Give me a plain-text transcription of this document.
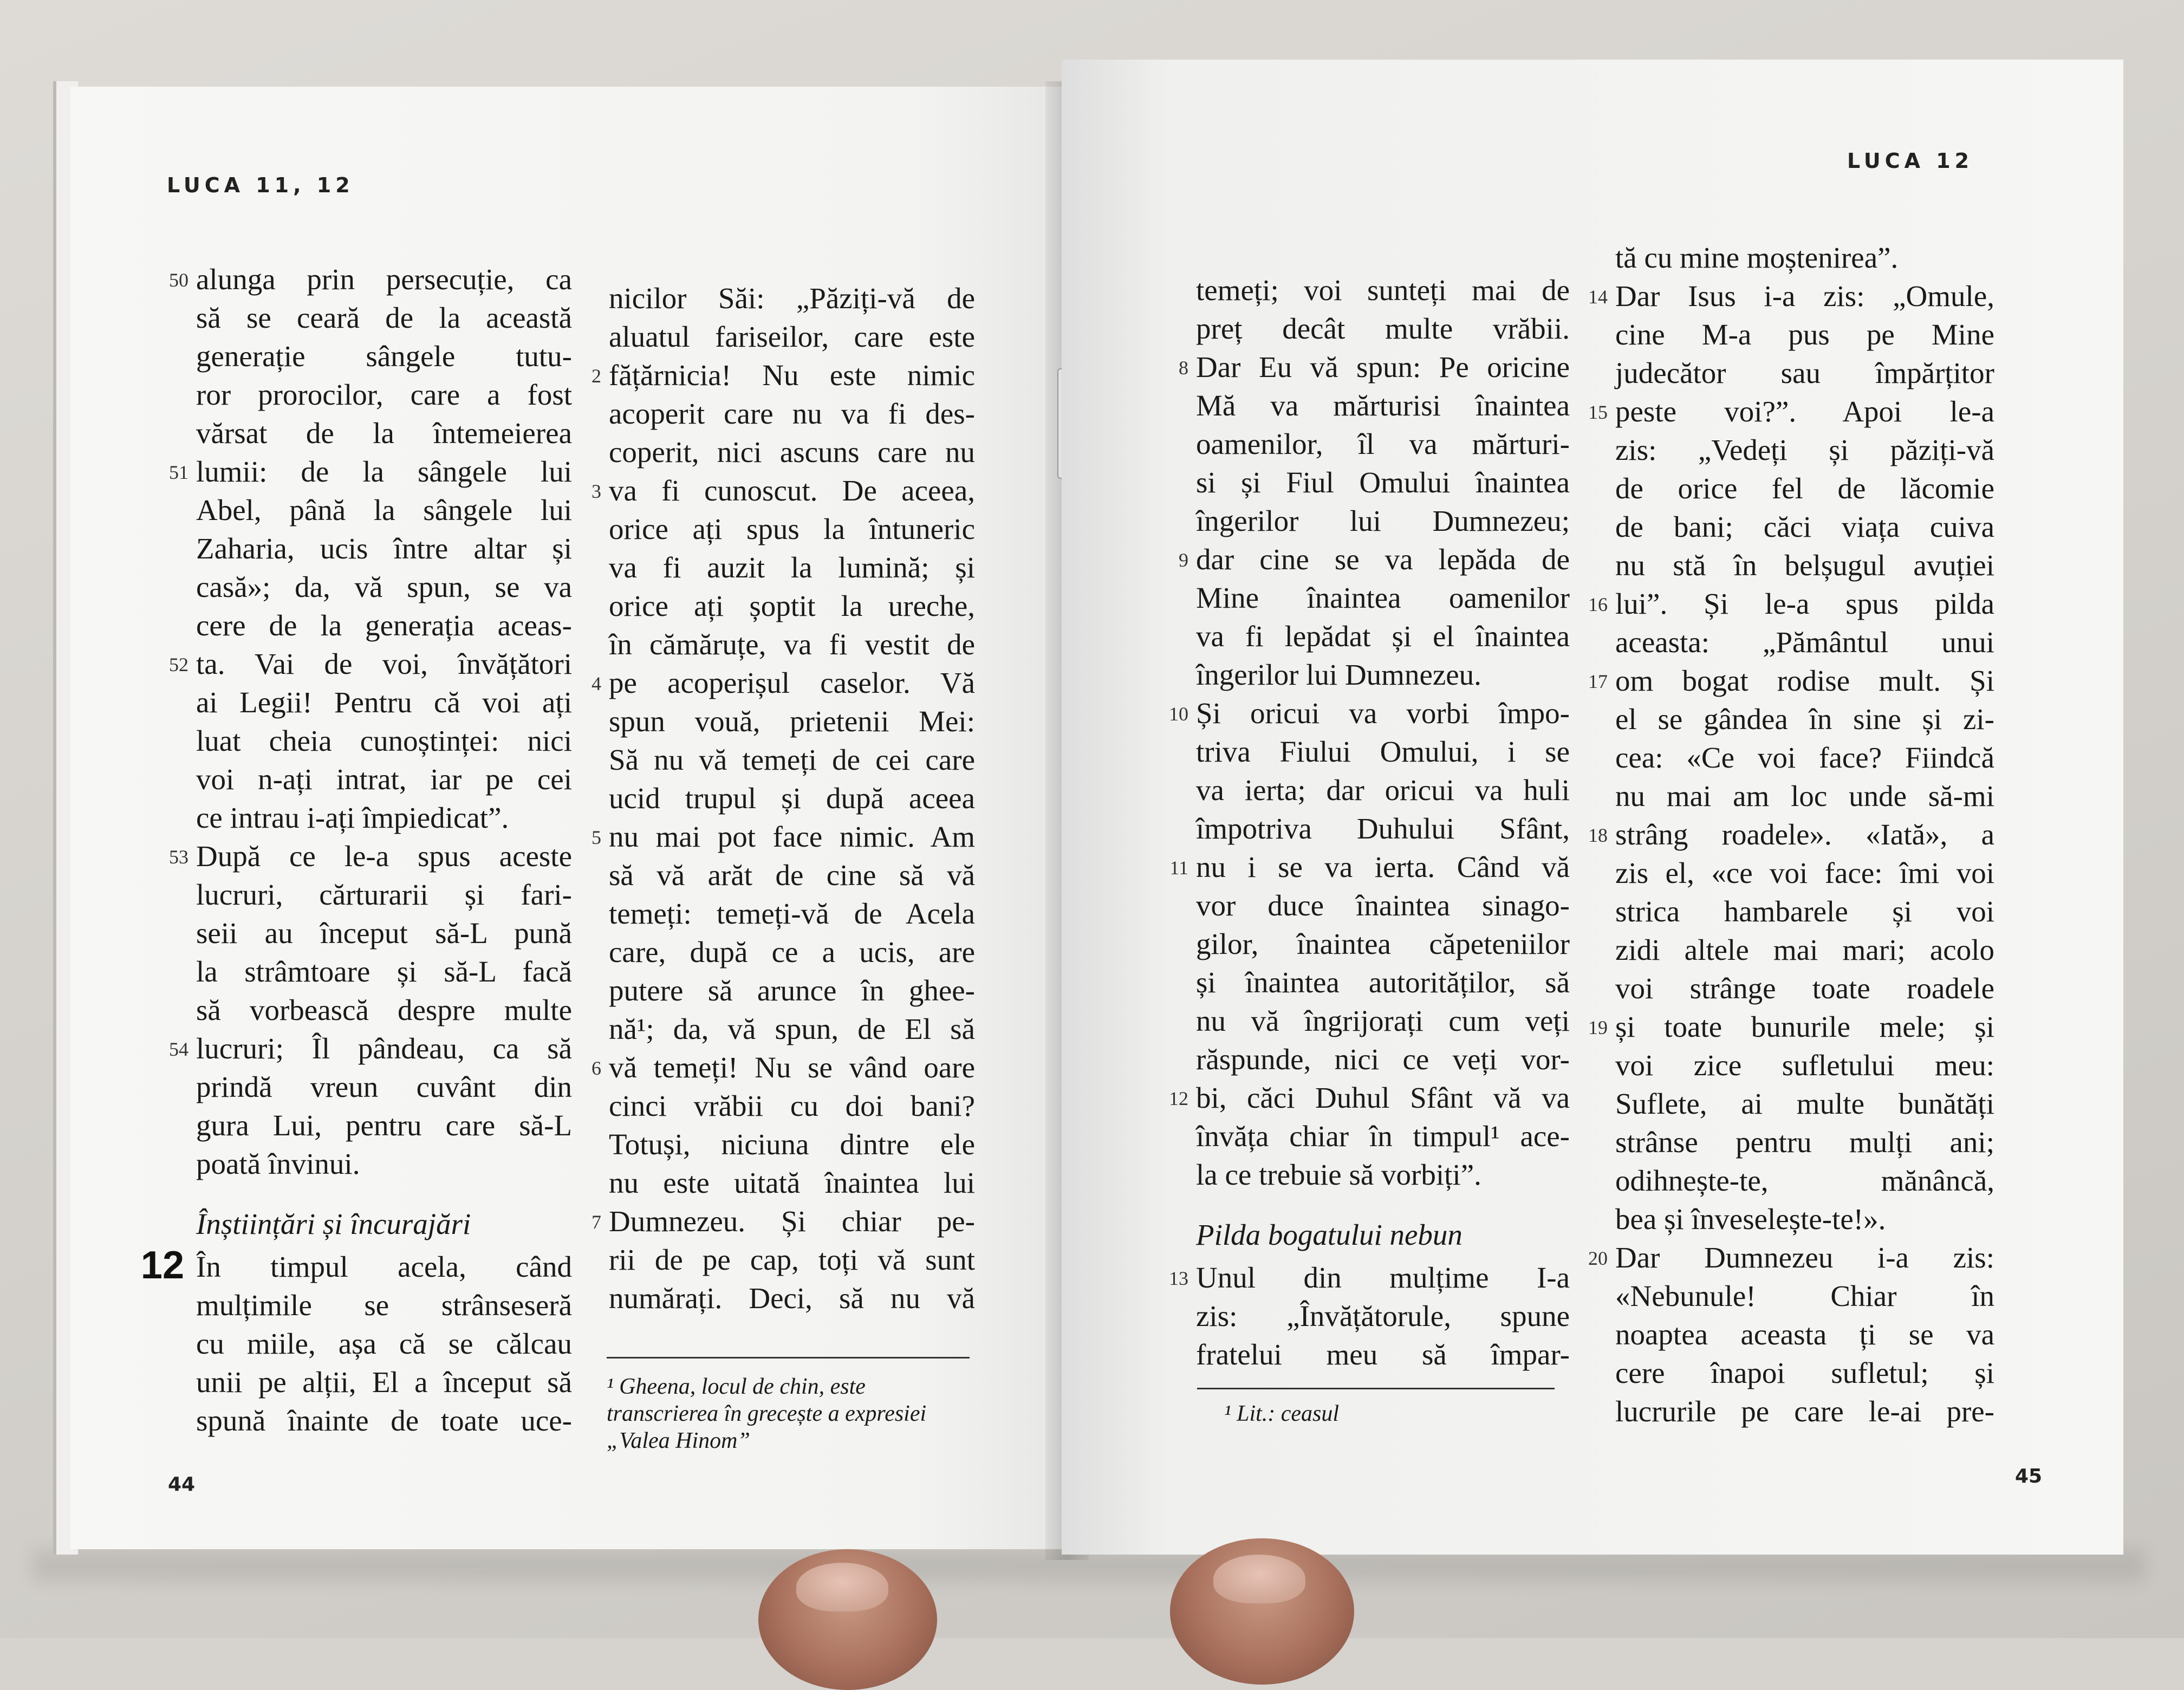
LUCA 11, 12
50 alunga prin persecuție, ca
să se ceară de la această
generație sângele tutu-
ror prorocilor, care a fost
vărsat de la întemeierea
51 lumii: de la sângele lui
Abel, până la sângele lui
Zaharia, ucis între altar și
casă»; da, vă spun, se va
cere de la generația aceas-
52 ta. Vai de voi, învățători
ai Legii! Pentru că voi ați
luat cheia cunoștinței: nici
voi n-ați intrat, iar pe cei
ce intrau i-ați împiedicat”.
53 După ce le-a spus aceste
lucruri, cărturarii și fari-
seii au început să-L pună
la strâmtoare și să-L facă
să vorbească despre multe
54 lucruri; Îl pândeau, ca să
prindă vreun cuvânt din
gura Lui, pentru care să-L
poată învinui.
Înștiințări și încurajări
În timpul acela, când
12
mulțimile se strânseseră
cu miile, așa că se călcau
unii pe alții, El a început să
spună înainte de toate uce-
nicilor Săi: „Păziți-vă de
aluatul fariseilor, care este
2 fățărnicia! Nu este nimic
acoperit care nu va fi des-
coperit, nici ascuns care nu
3 va fi cunoscut. De aceea,
orice ați spus la întuneric
va fi auzit la lumină; și
orice ați șoptit la ureche,
în cămăruțe, va fi vestit de
4 pe acoperișul caselor. Vă
spun vouă, prietenii Mei:
Să nu vă temeți de cei care
ucid trupul și după aceea
5 nu mai pot face nimic. Am
să vă arăt de cine să vă
temeți: temeți-vă de Acela
care, după ce a ucis, are
putere să arunce în gheе-
nă¹; da, vă spun, de El să
6 vă temeți! Nu se vând oare
cinci vrăbii cu doi bani?
Totuși, niciuna dintre ele
nu este uitată înaintea lui
7 Dumnezeu. Și chiar pe-
rii de pe cap, toți vă sunt
numărați. Deci, să nu vă
¹ Gheena, locul de chin, este
transcrierea în grecește a expresiei
„Valea Hinom”
44
LUCA 12
temeți; voi sunteți mai de
preț decât multe vrăbii.
8 Dar Eu vă spun: Pe oricine
Mă va mărturisi înaintea
oamenilor, îl va mărturi-
si și Fiul Omului înaintea
îngerilor lui Dumnezeu;
9 dar cine se va lepăda de
Mine înaintea oamenilor
va fi lepădat și el înaintea
îngerilor lui Dumnezeu.
10 Și oricui va vorbi împo-
triva Fiului Omului, i se
va ierta; dar oricui va huli
împotriva Duhului Sfânt,
11 nu i se va ierta. Când vă
vor duce înaintea sinago-
gilor, înaintea căpeteniilor
și înaintea autorităților, să
nu vă îngrijorați cum veți
răspunde, nici ce veți vor-
12 bi, căci Duhul Sfânt vă va
învăța chiar în timpul¹ ace-
la ce trebuie să vorbiți”.
Pilda bogatului nebun
13 Unul din mulțime I-a
zis: „Învățătorule, spune
fratelui meu să împar-
tă cu mine moștenirea”.
14 Dar Isus i-a zis: „Omule,
cine M-a pus pe Mine
judecător sau împărțitor
15 peste voi?”. Apoi le-a
zis: „Vedeți și păziți-vă
de orice fel de lăcomie
de bani; căci viața cuiva
nu stă în belșugul avuției
16 lui”. Și le-a spus pilda
aceasta: „Pământul unui
17 om bogat rodise mult. Și
el se gândea în sine și zi-
cea: «Ce voi face? Fiindcă
nu mai am loc unde să-mi
18 strâng roadele». «Iată», a
zis el, «ce voi face: îmi voi
strica hambarele și voi
zidi altele mai mari; acolo
voi strânge toate roadele
19 și toate bunurile mele; și
voi zice sufletului meu:
Suflete, ai multe bunătăți
strânse pentru mulți ani;
odihnește-te, mănâncă,
bea și înveselește-te!».
20 Dar Dumnezeu i-a zis:
«Nebunule! Chiar în
noaptea aceasta ți se va
cere înapoi sufletul; și
lucrurile pe care le-ai pre-
¹ Lit.: ceasul
45
